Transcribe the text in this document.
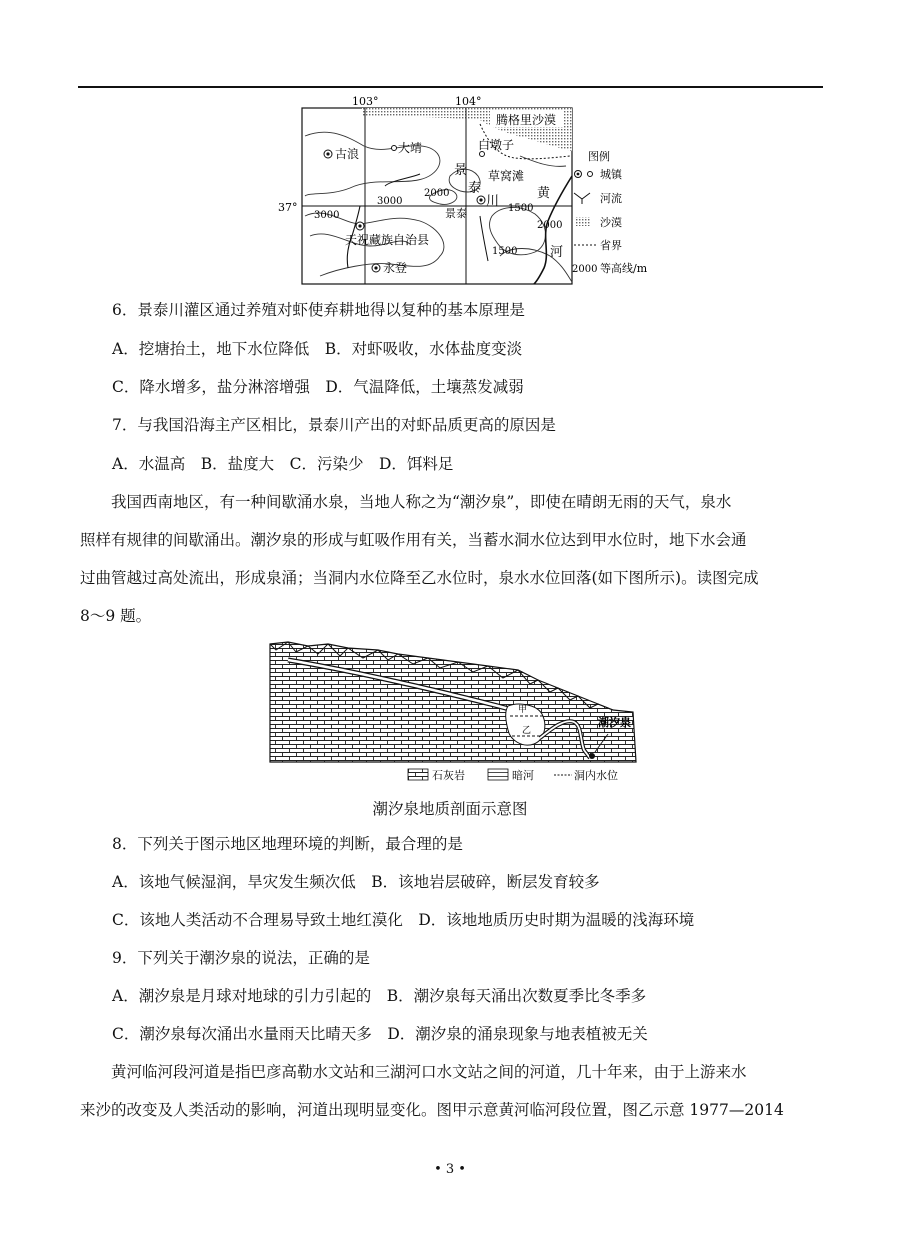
103°	104°
37°
腾格里沙漠
白墩子
大靖
古浪
草窝滩
景泰
天祝藏族自治县
永登
景
泰
川
黄
河
2000
3000
3000
1500
2000
1500
图例
城镇
河流
沙漠
省界
2000 等高线/m
6．景泰川灌区通过养殖对虾使弃耕地得以复种的基本原理是
A．挖塘抬土，地下水位降低　B．对虾吸收，水体盐度变淡
C．降水增多，盐分淋溶增强　D．气温降低，土壤蒸发减弱
7．与我国沿海主产区相比，景泰川产出的对虾品质更高的原因是
A．水温高　B．盐度大　C．污染少　D．饵料足
　　我国西南地区，有一种间歇涌水泉，当地人称之为“潮汐泉”，即使在晴朗无雨的天气，泉水
照样有规律的间歇涌出。潮汐泉的形成与虹吸作用有关，当蓄水洞水位达到甲水位时，地下水会通
过曲管越过高处流出，形成泉涌；当洞内水位降至乙水位时，泉水水位回落(如下图所示)。读图完成
8～9 题。
甲
乙
潮汐泉
石灰岩	暗河	洞内水位
潮汐泉地质剖面示意图
8．下列关于图示地区地理环境的判断，最合理的是
A．该地气候湿润，旱灾发生频次低　B．该地岩层破碎，断层发育较多
C．该地人类活动不合理易导致土地红漠化　D．该地地质历史时期为温暖的浅海环境
9．下列关于潮汐泉的说法，正确的是
A．潮汐泉是月球对地球的引力引起的　B．潮汐泉每天涌出次数夏季比冬季多
C．潮汐泉每次涌出水量雨天比晴天多　D．潮汐泉的涌泉现象与地表植被无关
　　黄河临河段河道是指巴彦高勒水文站和三湖河口水文站之间的河道，几十年来，由于上游来水
来沙的改变及人类活动的影响，河道出现明显变化。图甲示意黄河临河段位置，图乙示意 1977—2014
• 3 •
